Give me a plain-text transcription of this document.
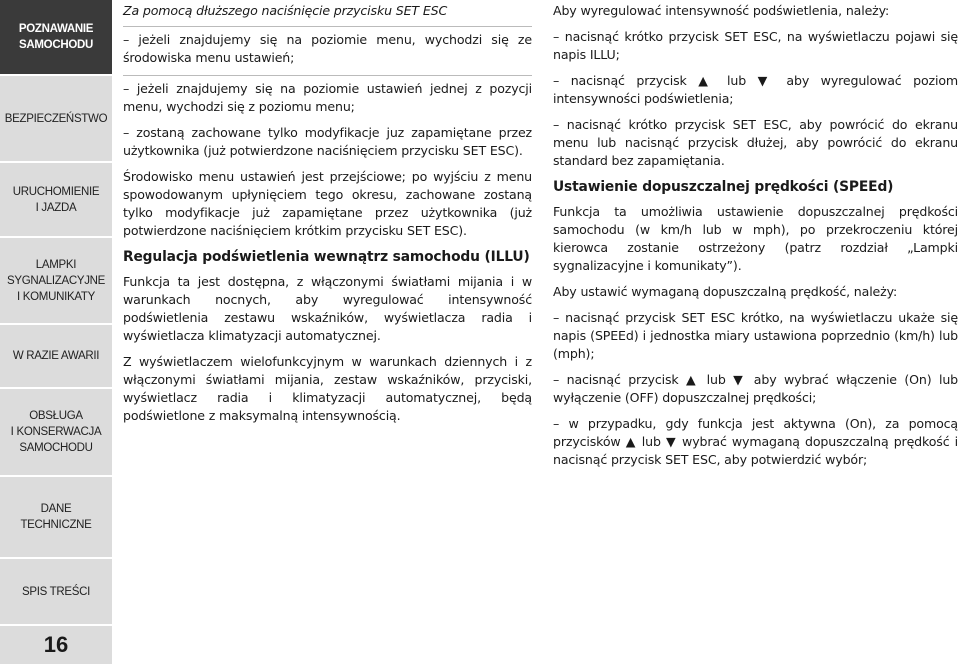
POZNAWANIE
SAMOCHODU
BEZPIECZEŃSTWO
URUCHOMIENIE
I JAZDA
LAMPKI
SYGNALIZACYJNE
I KOMUNIKATY
W RAZIE AWARII
OBSŁUGA
I KONSERWACJA
SAMOCHODU
DANE
TECHNICZNE
SPIS TREŚCI
16

Za pomocą dłuższego naciśnięcie przycisku SET ESC

– jeżeli znajdujemy się na poziomie menu, wychodzi się ze środowiska menu ustawień;

– jeżeli znajdujemy się na poziomie ustawień jednej z pozycji menu, wychodzi się z poziomu menu;

– zostaną zachowane tylko modyfikacje juz zapamiętane przez użytkownika (już potwierdzone naciśnięciem przycisku SET ESC).

Środowisko menu ustawień jest przejściowe; po wyjściu z menu spowodowanym upłynięciem tego okresu, zachowane zostaną tylko modyfikacje już zapamiętane przez użytkownika (już potwierdzone naciśnięciem krótkim przycisku SET ESC).

Regulacja podświetlenia wewnątrz samochodu (ILLU)

Funkcja ta jest dostępna, z włączonymi światłami mijania i w warunkach nocnych, aby wyregulować intensywność podświetlenia zestawu wskaźników, wyświetlacza radia i wyświetlacza klimatyzacji automatycznej.

Z wyświetlaczem wielofunkcyjnym w warunkach dziennych i z włączonymi światłami mijania, zestaw wskaźników, przyciski, wyświetlacz radia i klimatyzacji automatycznej, będą podświetlone z maksymalną intensywnością.

Aby wyregulować intensywność podświetlenia, należy:

– nacisnąć krótko przycisk SET ESC, na wyświetlaczu pojawi się napis ILLU;

– nacisnąć przycisk ▲ lub ▼ aby wyregulować poziom intensywności podświetlenia;

– nacisnąć krótko przycisk SET ESC, aby powrócić do ekranu menu lub nacisnąć przycisk dłużej, aby powrócić do ekranu standard bez zapamiętania.

Ustawienie dopuszczalnej prędkości (SPEEd)

Funkcja ta umożliwia ustawienie dopuszczalnej prędkości samochodu (w km/h lub w mph), po przekroczeniu której kierowca zostanie ostrzeżony (patrz rozdział „Lampki sygnalizacyjne i komunikaty”).

Aby ustawić wymaganą dopuszczalną prędkość, należy:

– nacisnąć przycisk SET ESC krótko, na wyświetlaczu ukaże się napis (SPEEd) i jednostka miary ustawiona poprzednio (km/h) lub (mph);

– nacisnąć przycisk ▲ lub ▼ aby wybrać włączenie (On) lub wyłączenie (OFF) dopuszczalnej prędkości;

– w przypadku, gdy funkcja jest aktywna (On), za pomocą przycisków ▲ lub ▼ wybrać wymaganą dopuszczalną prędkość i nacisnąć przycisk SET ESC, aby potwierdzić wybór;
